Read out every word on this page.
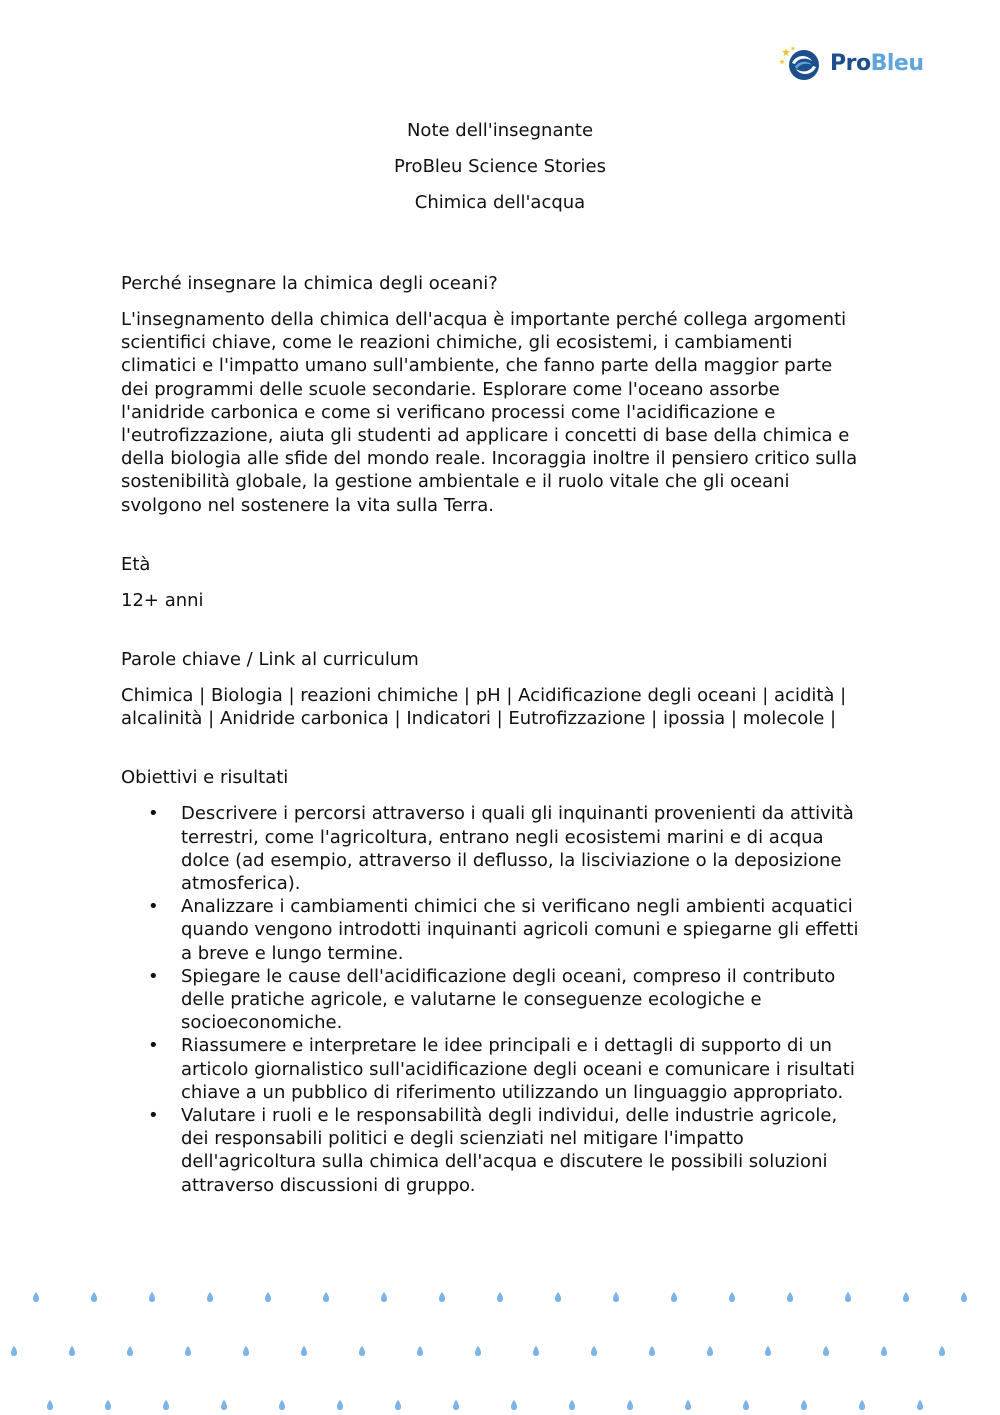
ProBleu
Note dell'insegnante
ProBleu Science Stories
Chimica dell'acqua
Perché insegnare la chimica degli oceani?
L'insegnamento della chimica dell'acqua è importante perché collega argomenti
scientifici chiave, come le reazioni chimiche, gli ecosistemi, i cambiamenti
climatici e l'impatto umano sull'ambiente, che fanno parte della maggior parte
dei programmi delle scuole secondarie. Esplorare come l'oceano assorbe
l'anidride carbonica e come si verificano processi come l'acidificazione e
l'eutrofizzazione, aiuta gli studenti ad applicare i concetti di base della chimica e
della biologia alle sfide del mondo reale. Incoraggia inoltre il pensiero critico sulla
sostenibilità globale, la gestione ambientale e il ruolo vitale che gli oceani
svolgono nel sostenere la vita sulla Terra.
Età
12+ anni
Parole chiave / Link al curriculum
Chimica | Biologia | reazioni chimiche | pH | Acidificazione degli oceani | acidità |
alcalinità | Anidride carbonica | Indicatori | Eutrofizzazione | ipossia | molecole |
Obiettivi e risultati
• Descrivere i percorsi attraverso i quali gli inquinanti provenienti da attività
terrestri, come l'agricoltura, entrano negli ecosistemi marini e di acqua
dolce (ad esempio, attraverso il deflusso, la lisciviazione o la deposizione
atmosferica).
• Analizzare i cambiamenti chimici che si verificano negli ambienti acquatici
quando vengono introdotti inquinanti agricoli comuni e spiegarne gli effetti
a breve e lungo termine.
• Spiegare le cause dell'acidificazione degli oceani, compreso il contributo
delle pratiche agricole, e valutarne le conseguenze ecologiche e
socioeconomiche.
• Riassumere e interpretare le idee principali e i dettagli di supporto di un
articolo giornalistico sull'acidificazione degli oceani e comunicare i risultati
chiave a un pubblico di riferimento utilizzando un linguaggio appropriato.
• Valutare i ruoli e le responsabilità degli individui, delle industrie agricole,
dei responsabili politici e degli scienziati nel mitigare l'impatto
dell'agricoltura sulla chimica dell'acqua e discutere le possibili soluzioni
attraverso discussioni di gruppo.
